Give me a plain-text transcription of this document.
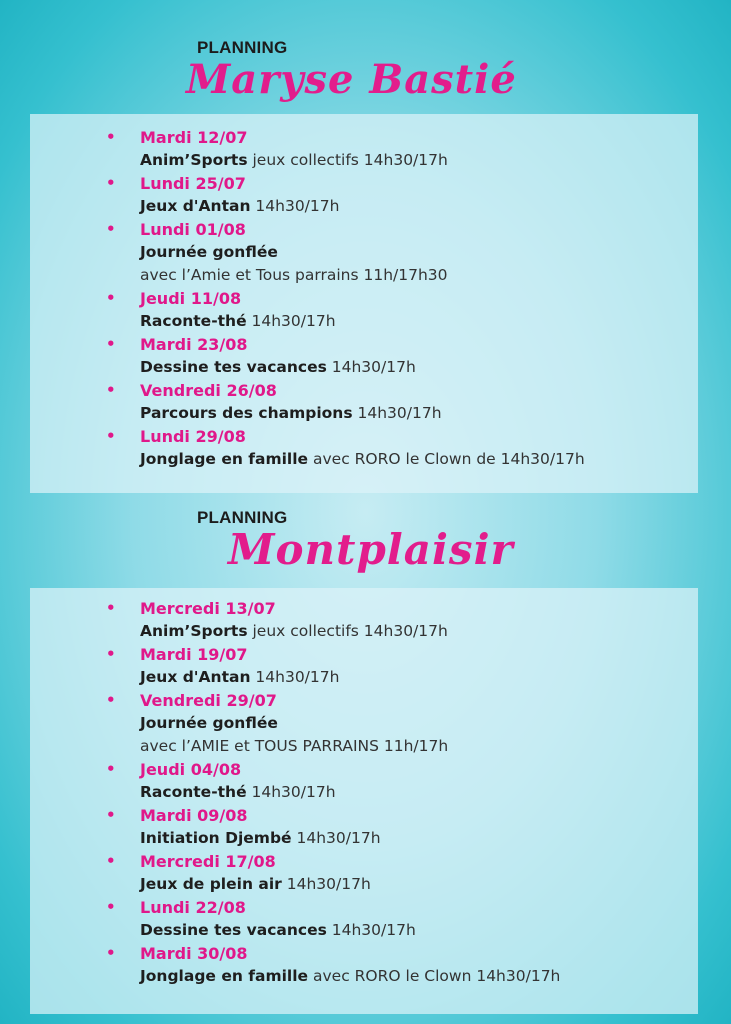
PLANNING
Maryse Bastié
• Mardi 12/07
Anim’Sports jeux collectifs 14h30/17h
• Lundi 25/07
Jeux d'Antan 14h30/17h
• Lundi 01/08
Journée gonflée
avec l’Amie et Tous parrains 11h/17h30
• Jeudi 11/08
Raconte-thé 14h30/17h
• Mardi 23/08
Dessine tes vacances 14h30/17h
• Vendredi 26/08
Parcours des champions 14h30/17h
• Lundi 29/08
Jonglage en famille avec RORO le Clown de 14h30/17h
PLANNING
Montplaisir
• Mercredi 13/07
Anim’Sports jeux collectifs 14h30/17h
• Mardi 19/07
Jeux d'Antan 14h30/17h
• Vendredi 29/07
Journée gonflée
avec l’AMIE et TOUS PARRAINS 11h/17h
• Jeudi 04/08
Raconte-thé 14h30/17h
• Mardi 09/08
Initiation Djembé 14h30/17h
• Mercredi 17/08
Jeux de plein air 14h30/17h
• Lundi 22/08
Dessine tes vacances 14h30/17h
• Mardi 30/08
Jonglage en famille avec RORO le Clown 14h30/17h
